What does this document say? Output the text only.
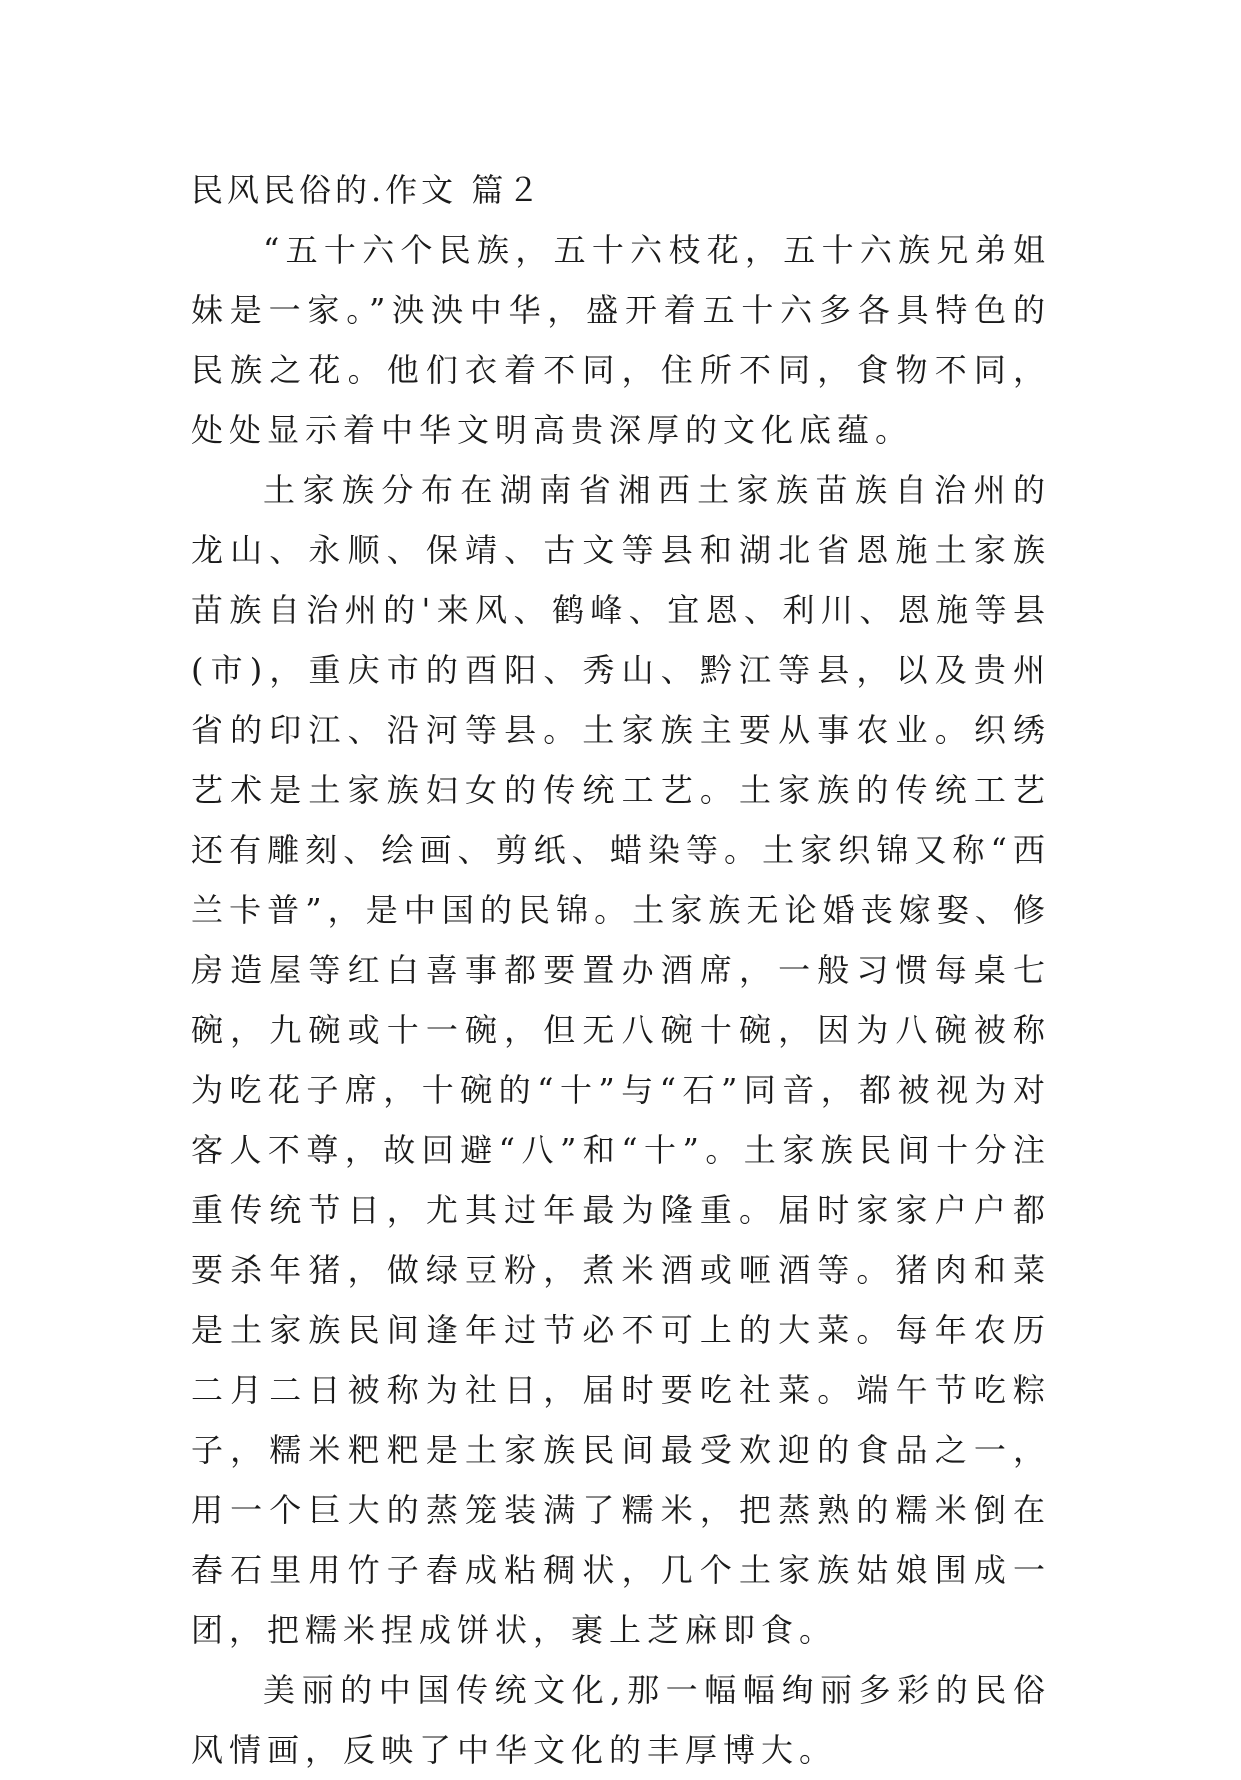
民风民俗的.作文 篇２

“五十六个民族，五十六枝花，五十六族兄弟姐妹是一家。”泱泱中华，盛开着五十六多各具特色的民族之花。他们衣着不同，住所不同，食物不同，处处显示着中华文明高贵深厚的文化底蕴。

土家族分布在湖南省湘西土家族苗族自治州的龙山、永顺、保靖、古文等县和湖北省恩施土家族苗族自治州的'来风、鹤峰、宜恩、利川、恩施等县(市)，重庆市的酉阳、秀山、黔江等县，以及贵州省的印江、沿河等县。土家族主要从事农业。织绣艺术是土家族妇女的传统工艺。土家族的传统工艺还有雕刻、绘画、剪纸、蜡染等。土家织锦又称“西兰卡普”，是中国的民锦。土家族无论婚丧嫁娶、修房造屋等红白喜事都要置办酒席，一般习惯每桌七碗，九碗或十一碗，但无八碗十碗，因为八碗被称为吃花子席，十碗的“十”与“石”同音，都被视为对客人不尊，故回避“八”和“十”。土家族民间十分注重传统节日，尤其过年最为隆重。届时家家户户都要杀年猪，做绿豆粉，煮米酒或咂酒等。猪肉和菜是土家族民间逢年过节必不可上的大菜。每年农历二月二日被称为社日，届时要吃社菜。端午节吃粽子，糯米粑粑是土家族民间最受欢迎的食品之一，用一个巨大的蒸笼装满了糯米，把蒸熟的糯米倒在舂石里用竹子舂成粘稠状，几个土家族姑娘围成一团，把糯米捏成饼状，裹上芝麻即食。

美丽的中国传统文化,那一幅幅绚丽多彩的民俗风情画，反映了中华文化的丰厚博大。
